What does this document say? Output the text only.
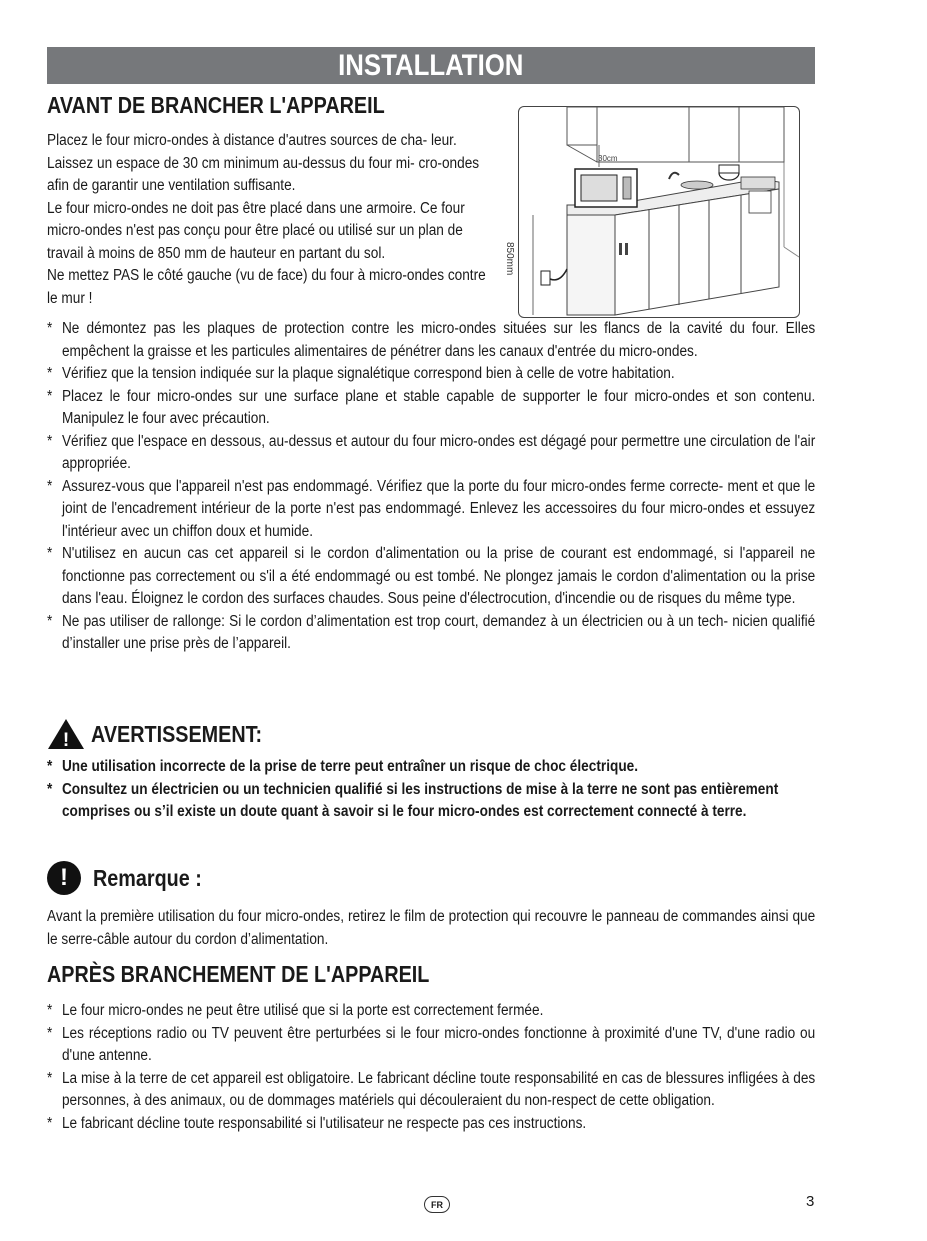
INSTALLATION
AVANT DE BRANCHER L'APPAREIL

Placez le four micro-ondes à distance d'autres sources de cha- leur. Laissez un espace de 30 cm minimum au-dessus du four mi- cro-ondes afin de garantir une ventilation suffisante.

Le four micro-ondes ne doit pas être placé dans une armoire. Ce four micro-ondes n'est pas conçu pour être placé ou utilisé sur un plan de travail à moins de 850 mm de hauteur en partant du sol.

Ne mettez PAS le côté gauche (vu de face) du four à micro-ondes contre le mur !

30cm
850mm
* Ne démontez pas les plaques de protection contre les micro-ondes situées sur les flancs de la cavité du four. Elles empêchent la graisse et les particules alimentaires de pénétrer dans les canaux d'entrée du micro-ondes.
* Vérifiez que la tension indiquée sur la plaque signalétique correspond bien à celle de votre habitation.
* Placez le four micro-ondes sur une surface plane et stable capable de supporter le four micro-ondes et son contenu. Manipulez le four avec précaution.
* Vérifiez que l'espace en dessous, au-dessus et autour du four micro-ondes est dégagé pour permettre une circulation de l'air appropriée.
* Assurez-vous que l'appareil n'est pas endommagé. Vérifiez que la porte du four micro-ondes ferme correcte- ment et que le joint de l'encadrement intérieur de la porte n'est pas endommagé. Enlevez les accessoires du four micro-ondes et essuyez l'intérieur avec un chiffon doux et humide.
* N'utilisez en aucun cas cet appareil si le cordon d'alimentation ou la prise de courant est endommagé, si l'appareil ne fonctionne pas correctement ou s'il a été endommagé ou est tombé. Ne plongez jamais le cordon d'alimentation ou la prise dans l'eau. Éloignez le cordon des surfaces chaudes. Sous peine d'électrocution, d'incendie ou de risques du même type.
* Ne pas utiliser de rallonge: Si le cordon d’alimentation est trop court, demandez à un électricien ou à un tech- nicien qualifié d’installer une prise près de l’appareil.
! AVERTISSEMENT:
* Une utilisation incorrecte de la prise de terre peut entraîner un risque de choc électrique.
* Consultez un électricien ou un technicien qualifié si les instructions de mise à la terre ne sont pas entièrement comprises ou s’il existe un doute quant à savoir si le four micro-ondes est correctement connecté à terre.
!	Remarque :
Avant la première utilisation du four micro-ondes, retirez le film de protection qui recouvre le panneau de commandes ainsi que le serre-câble autour du cordon d’alimentation.
APRÈS BRANCHEMENT DE L'APPAREIL
* Le four micro-ondes ne peut être utilisé que si la porte est correctement fermée.
* Les réceptions radio ou TV peuvent être perturbées si le four micro-ondes fonctionne à proximité d'une TV, d'une radio ou d'une antenne.
* La mise à la terre de cet appareil est obligatoire. Le fabricant décline toute responsabilité en cas de blessures infligées à des personnes, à des animaux, ou de dommages matériels qui découleraient du non-respect de cette obligation.
* Le fabricant décline toute responsabilité si l'utilisateur ne respecte pas ces instructions.
FR	3
